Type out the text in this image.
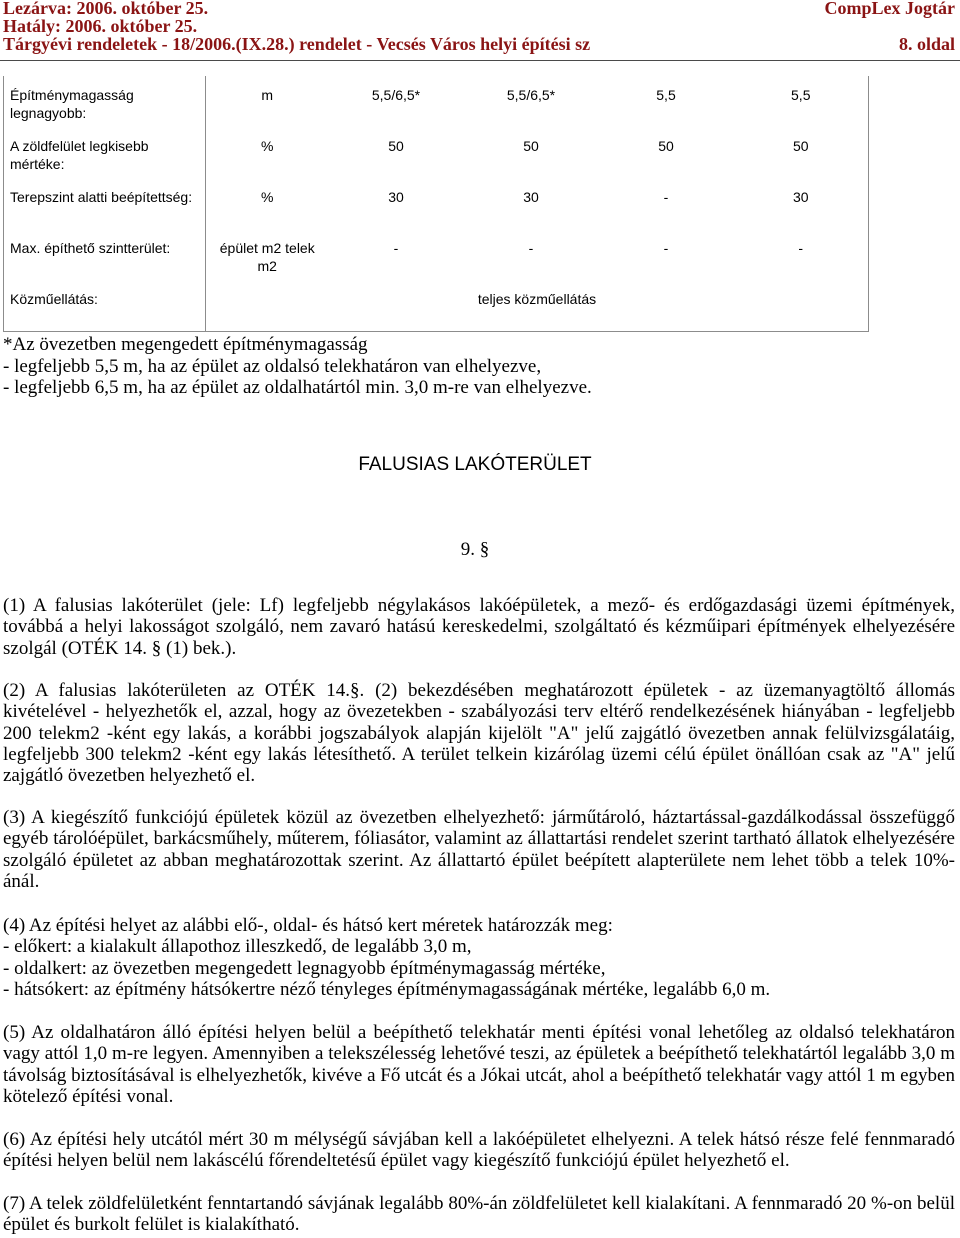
Lezárva: 2006. október 25.	CompLex Jogtár
Hatály: 2006. október 25.
Tárgyévi rendeletek - 18/2006.(IX.28.) rendelet - Vecsés Város helyi építési sz	8. oldal
Építménymagasság legnagyobb:	m	5,5/6,5*	5,5/6,5*	5,5	5,5
A zöldfelület legkisebb mértéke:	%	50	50	50	50
Terepszint alatti beépítettség:	%	30	30	-	30
Max. építhető szintterület:	épület m2 telek m2	-	-	-	-
Közműellátás:	teljes közműellátás				
*Az övezetben megengedett építménymagasság
- legfeljebb 5,5 m, ha az épület az oldalsó telekhatáron van elhelyezve,
- legfeljebb 6,5 m, ha az épület az oldalhatártól min. 3,0 m-re van elhelyezve.
FALUSIAS LAKÓTERÜLET
9. §
(1) A falusias lakóterület (jele: Lf) legfeljebb négylakásos lakóépületek, a mező- és erdőgazdasági üzemi építmények, továbbá a helyi lakosságot szolgáló, nem zavaró hatású kereskedelmi, szolgáltató és kézműipari építmények elhelyezésére szolgál (OTÉK 14. § (1) bek.).
(2) A falusias lakóterületen az OTÉK 14.§. (2) bekezdésében meghatározott épületek - az üzemanyagtöltő állomás kivételével - helyezhetők el, azzal, hogy az övezetekben - szabályozási terv eltérő rendelkezésének hiányában - legfeljebb 200 telekm2 -ként egy lakás, a korábbi jogszabályok alapján kijelölt "A" jelű zajgátló övezetben annak felülvizsgálatáig, legfeljebb 300 telekm2 -ként egy lakás létesíthető. A terület telkein kizárólag üzemi célú épület önállóan csak az "A" jelű zajgátló övezetben helyezhető el.
(3) A kiegészítő funkciójú épületek közül az övezetben elhelyezhető: járműtároló, háztartással-gazdálkodással összefüggő egyéb tárolóépület, barkácsműhely, műterem, fóliasátor, valamint az állattartási rendelet szerint tartható állatok elhelyezésére szolgáló épületet az abban meghatározottak szerint. Az állattartó épület beépített alapterülete nem lehet több a telek 10%-ánál.
(4) Az építési helyet az alábbi elő-, oldal- és hátsó kert méretek határozzák meg:
- előkert: a kialakult állapothoz illeszkedő, de legalább 3,0 m,
- oldalkert: az övezetben megengedett legnagyobb építménymagasság mértéke,
- hátsókert: az építmény hátsókertre néző tényleges építménymagasságának mértéke, legalább 6,0 m.
(5) Az oldalhatáron álló építési helyen belül a beépíthető telekhatár menti építési vonal lehetőleg az oldalsó telekhatáron vagy attól 1,0 m-re legyen. Amennyiben a telekszélesség lehetővé teszi, az épületek a beépíthető telekhatártól legalább 3,0 m távolság biztosításával is elhelyezhetők, kivéve a Fő utcát és a Jókai utcát, ahol a beépíthető telekhatár vagy attól 1 m egyben kötelező építési vonal.
(6) Az építési hely utcától mért 30 m mélységű sávjában kell a lakóépületet elhelyezni. A telek hátsó része felé fennmaradó építési helyen belül nem lakáscélú főrendeltetésű épület vagy kiegészítő funkciójú épület helyezhető el.
(7) A telek zöldfelületként fenntartandó sávjának legalább 80%-án zöldfelületet kell kialakítani. A fennmaradó 20 %-on belül épület és burkolt felület is kialakítható.
